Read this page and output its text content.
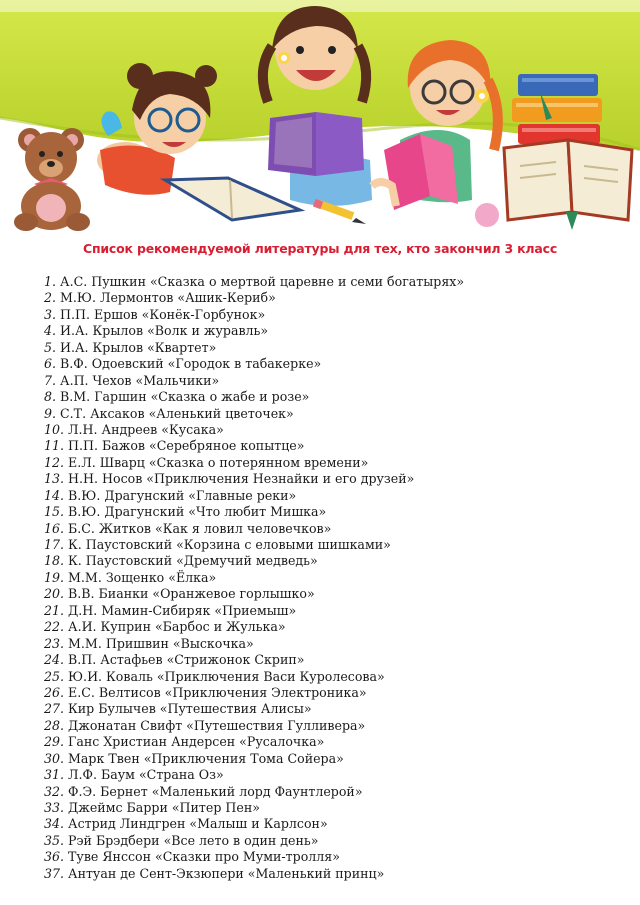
Список рекомендуемой литературы для тех, кто закончил 3 класс
1. А.С. Пушкин «Сказка о мертвой царевне и семи богатырях»
2. М.Ю. Лермонтов «Ашик-Кериб»
3. П.П. Ершов «Конёк-Горбунок»
4. И.А. Крылов «Волк и журавль»
5. И.А. Крылов «Квартет»
6. В.Ф. Одоевский «Городок в табакерке»
7. А.П. Чехов «Мальчики»
8. В.М. Гаршин «Сказка о жабе и розе»
9. С.Т. Аксаков «Аленький цветочек»
10. Л.Н. Андреев «Кусака»
11. П.П. Бажов «Серебряное копытце»
12. Е.Л. Шварц «Сказка о потерянном времени»
13. Н.Н. Носов «Приключения Незнайки и его друзей»
14. В.Ю. Драгунский «Главные реки»
15. В.Ю. Драгунский «Что любит Мишка»
16. Б.С. Житков «Как я ловил человечков»
17. К. Паустовский «Корзина с еловыми шишками»
18. К. Паустовский «Дремучий медведь»
19. М.М. Зощенко «Ёлка»
20. В.В. Бианки «Оранжевое горлышко»
21. Д.Н. Мамин-Сибиряк «Приемыш»
22. А.И. Куприн «Барбос и Жулька»
23. М.М. Пришвин «Выскочка»
24. В.П. Астафьев «Стрижонок Скрип»
25. Ю.И. Коваль «Приключения Васи Куролесова»
26. Е.С. Велтисов «Приключения Электроника»
27. Кир Булычев «Путешествия Алисы»
28. Джонатан Свифт «Путешествия Гулливера»
29. Ганс Христиан Андерсен «Русалочка»
30. Марк Твен «Приключения Тома Сойера»
31. Л.Ф. Баум «Страна Оз»
32. Ф.Э. Бернет «Маленький лорд Фаунтлерой»
33. Джеймс Барри «Питер Пен»
34. Астрид Линдгрен «Малыш и Карлсон»
35. Рэй Брэдбери «Все лето в один день»
36. Туве Янссон «Сказки про Муми-тролля»
37. Антуан де Сент-Экзюпери «Маленький принц»
